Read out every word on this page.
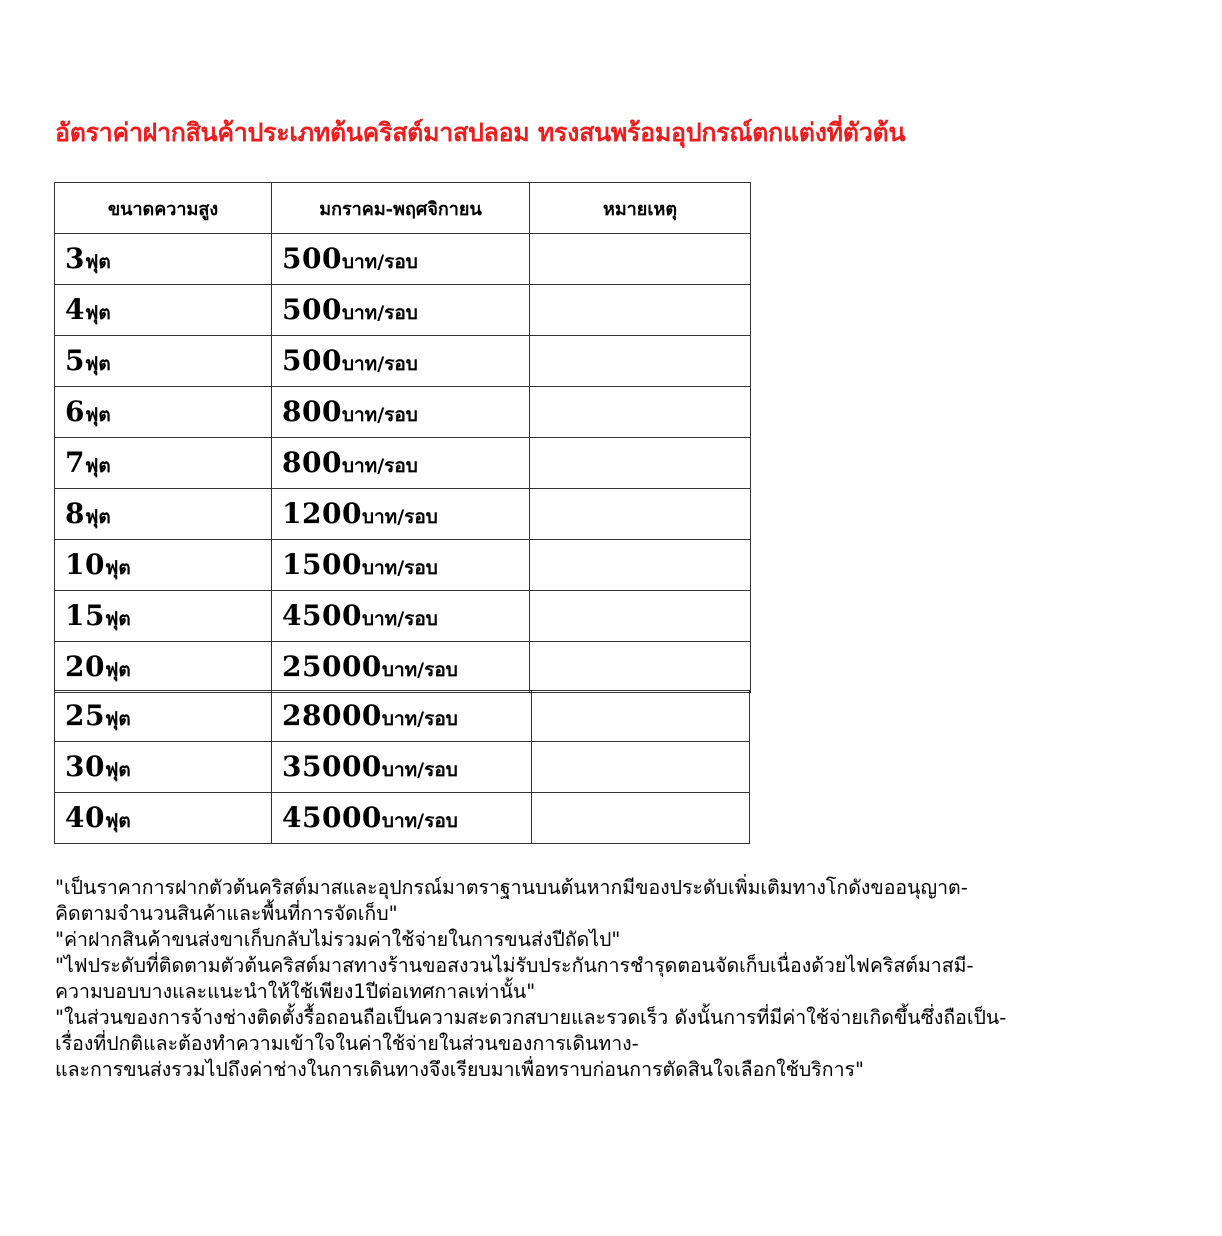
อัตราค่าฝากสินค้าประเภทต้นคริสต์มาสปลอม ทรงสนพร้อมอุปกรณ์ตกแต่งที่ตัวต้น
ขนาดความสูง	มกราคม-พฤศจิกายน	หมายเหตุ
3ฟุต	500บาท/รอบ	
4ฟุต	500บาท/รอบ	
5ฟุต	500บาท/รอบ	
6ฟุต	800บาท/รอบ	
7ฟุต	800บาท/รอบ	
8ฟุต	1200บาท/รอบ	
10ฟุต	1500บาท/รอบ	
15ฟุต	4500บาท/รอบ	
20ฟุต	25000บาท/รอบ	
25ฟุต	28000บาท/รอบ	
30ฟุต	35000บาท/รอบ	
40ฟุต	45000บาท/รอบ	
"เป็นราคาการฝากตัวต้นคริสต์มาสและอุปกรณ์มาตราฐานบนต้นหากมีของประดับเพิ่มเติมทางโกดังขออนุญาต-
คิดตามจำนวนสินค้าและพื้นที่การจัดเก็บ"
"ค่าฝากสินค้าขนส่งขาเก็บกลับไม่รวมค่าใช้จ่ายในการขนส่งปีถัดไป"
"ไฟประดับที่ติดตามตัวต้นคริสต์มาสทางร้านขอสงวนไม่รับประกันการชำรุดตอนจัดเก็บเนื่องด้วยไฟคริสต์มาสมี-
ความบอบบางและแนะนำให้ใช้เพียง1ปีต่อเทศกาลเท่านั้น"
"ในส่วนของการจ้างช่างติดตั้งรื้อถอนถือเป็นความสะดวกสบายและรวดเร็ว ดังนั้นการที่มีค่าใช้จ่ายเกิดขึ้นซึ่งถือเป็น-
เรื่องที่ปกติและต้องทำความเข้าใจในค่าใช้จ่ายในส่วนของการเดินทาง-
และการขนส่งรวมไปถึงค่าช่างในการเดินทางจึงเรียบมาเพื่อทราบก่อนการตัดสินใจเลือกใช้บริการ"
